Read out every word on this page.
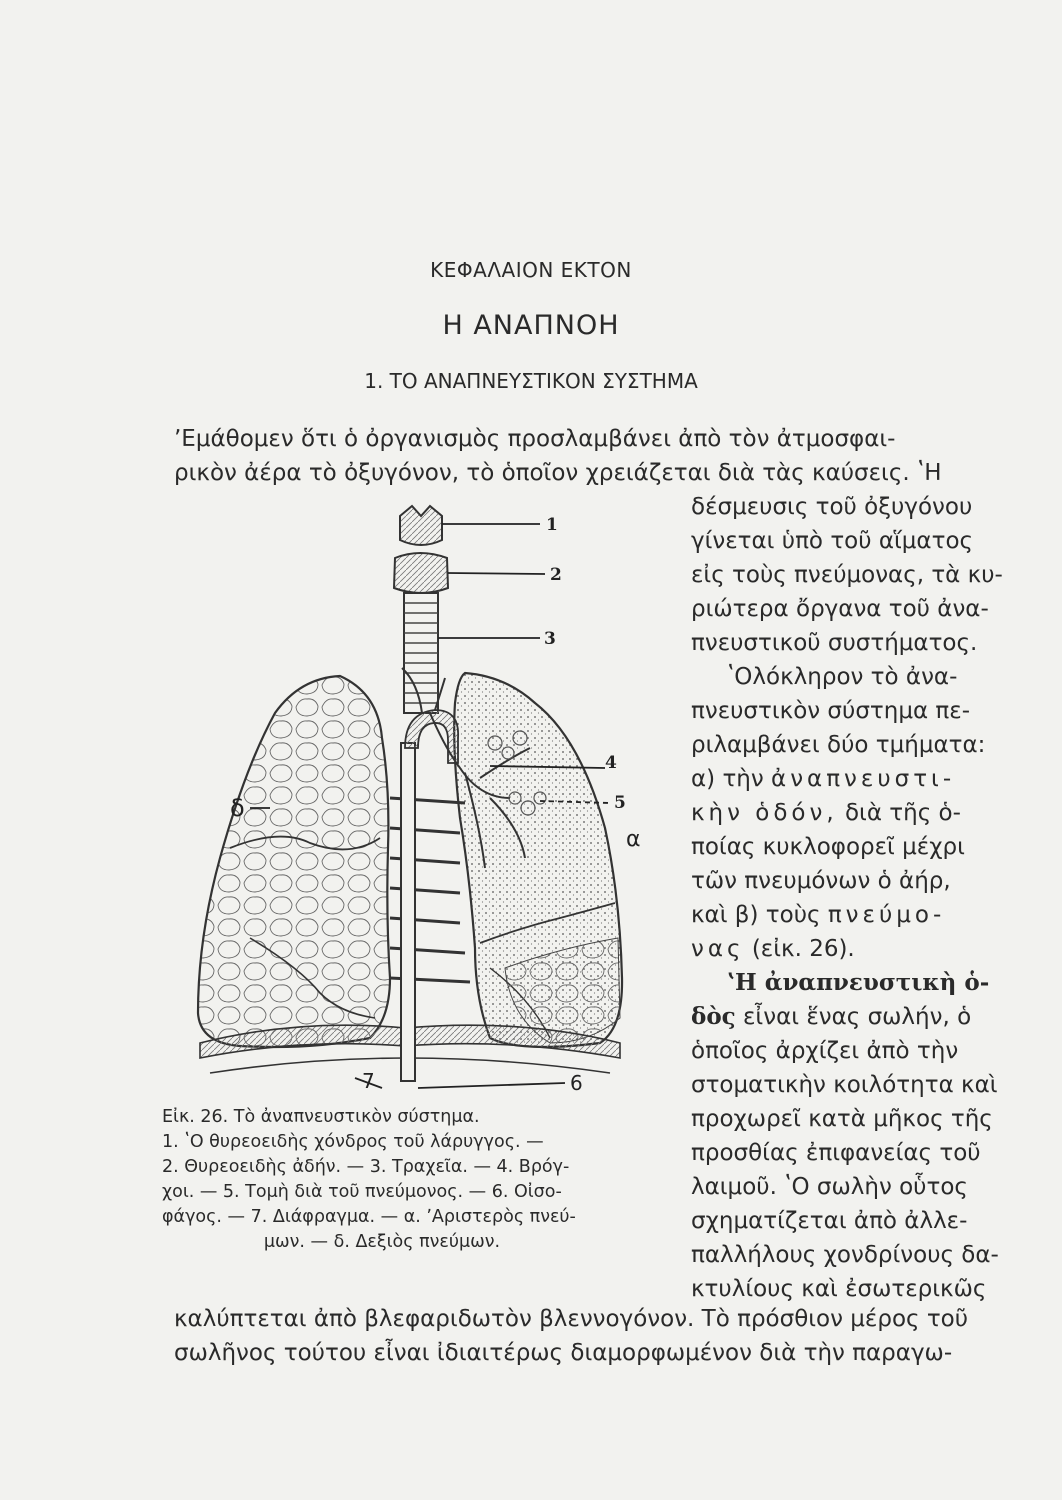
ΚΕΦΑΛΑΙΟΝ ΕΚΤΟΝ
Η ΑΝΑΠΝΟΗ
1. ΤΟ ΑΝΑΠΝΕΥΣΤΙΚΟΝ ΣΥΣΤΗΜΑ
ʼΕμάθομεν ὅτι ὁ ὀργανισμὸς προσλαμβάνει ἀπὸ τὸν ἀτμοσφαι-
ρικὸν ἀέρα τὸ ὀξυγόνον, τὸ ὁποῖον χρειάζεται διὰ τὰς καύσεις. ʽΗ
δέσμευσις τοῦ ὀξυγόνου
γίνεται ὑπὸ τοῦ αἵματος
εἰς τοὺς πνεύμονας, τὰ κυ-
ριώτερα ὄργανα τοῦ ἀνα-
πνευστικοῦ συστήματος.
ʽΟλόκληρον τὸ ἀνα-
πνευστικὸν σύστημα πε-
ριλαμβάνει δύο τμήματα:
α) τὴν ἀναπνευστι-
κὴν ὁδόν, διὰ τῆς ὁ-
ποίας κυκλοφορεῖ μέχρι
τῶν πνευμόνων ὁ ἀήρ,
καὶ β) τοὺς πνεύμο-
νας (εἰκ. 26).
ʽΗ ἀναπνευστικὴ ὁ-
δὸς εἶναι ἕνας σωλήν, ὁ
ὁποῖος ἀρχίζει ἀπὸ τὴν
στοματικὴν κοιλότητα καὶ
προχωρεῖ κατὰ μῆκος τῆς
προσθίας ἐπιφανείας τοῦ
λαιμοῦ. ʽΟ σωλὴν οὗτος
σχηματίζεται ἀπὸ ἀλλε-
παλλήλους χονδρίνους δα-
κτυλίους καὶ ἐσωτερικῶς
1
2
3
4
5
7	6
α
δ
Εἰκ. 26. Τὸ ἀναπνευστικὸν σύστημα.
1. ʽΟ θυρεοειδὴς χόνδρος τοῦ λάρυγγος. —
2. Θυρεοειδὴς ἀδήν. — 3. Τραχεῖα. — 4. Βρόγ-
χοι. — 5. Τομὴ διὰ τοῦ πνεύμονος. — 6. Οἰσο-
φάγος. — 7. Διάφραγμα. — α. ʼΑριστερὸς πνεύ-
μων. — δ. Δεξιὸς πνεύμων.
καλύπτεται ἀπὸ βλεφαριδωτὸν βλεννογόνον. Τὸ πρόσθιον μέρος τοῦ
σωλῆνος τούτου εἶναι ἰδιαιτέρως διαμορφωμένον διὰ τὴν παραγω-
